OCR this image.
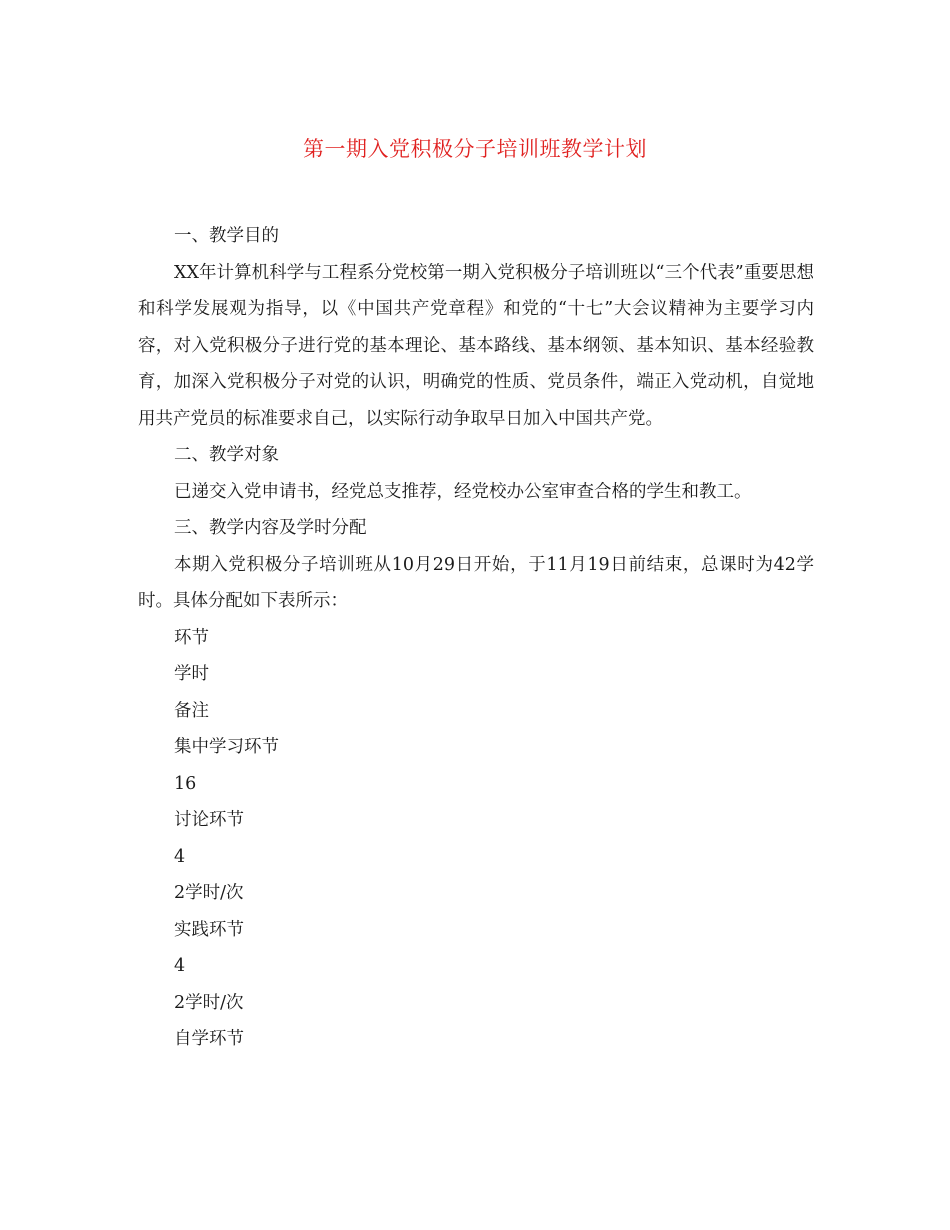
第一期入党积极分子培训班教学计划

一、教学目的

XX年计算机科学与工程系分党校第一期入党积极分子培训班以“三个代表”重要思想和科学发展观为指导，以《中国共产党章程》和党的“十七”大会议精神为主要学习内容，对入党积极分子进行党的基本理论、基本路线、基本纲领、基本知识、基本经验教育，加深入党积极分子对党的认识，明确党的性质、党员条件，端正入党动机，自觉地用共产党员的标准要求自己，以实际行动争取早日加入中国共产党。

二、教学对象

已递交入党申请书，经党总支推荐，经党校办公室审查合格的学生和教工。

三、教学内容及学时分配

本期入党积极分子培训班从10月29日开始，于11月19日前结束，总课时为42学时。具体分配如下表所示：

环节

学时

备注

集中学习环节

16

讨论环节

4

2学时/次

实践环节

4

2学时/次

自学环节
